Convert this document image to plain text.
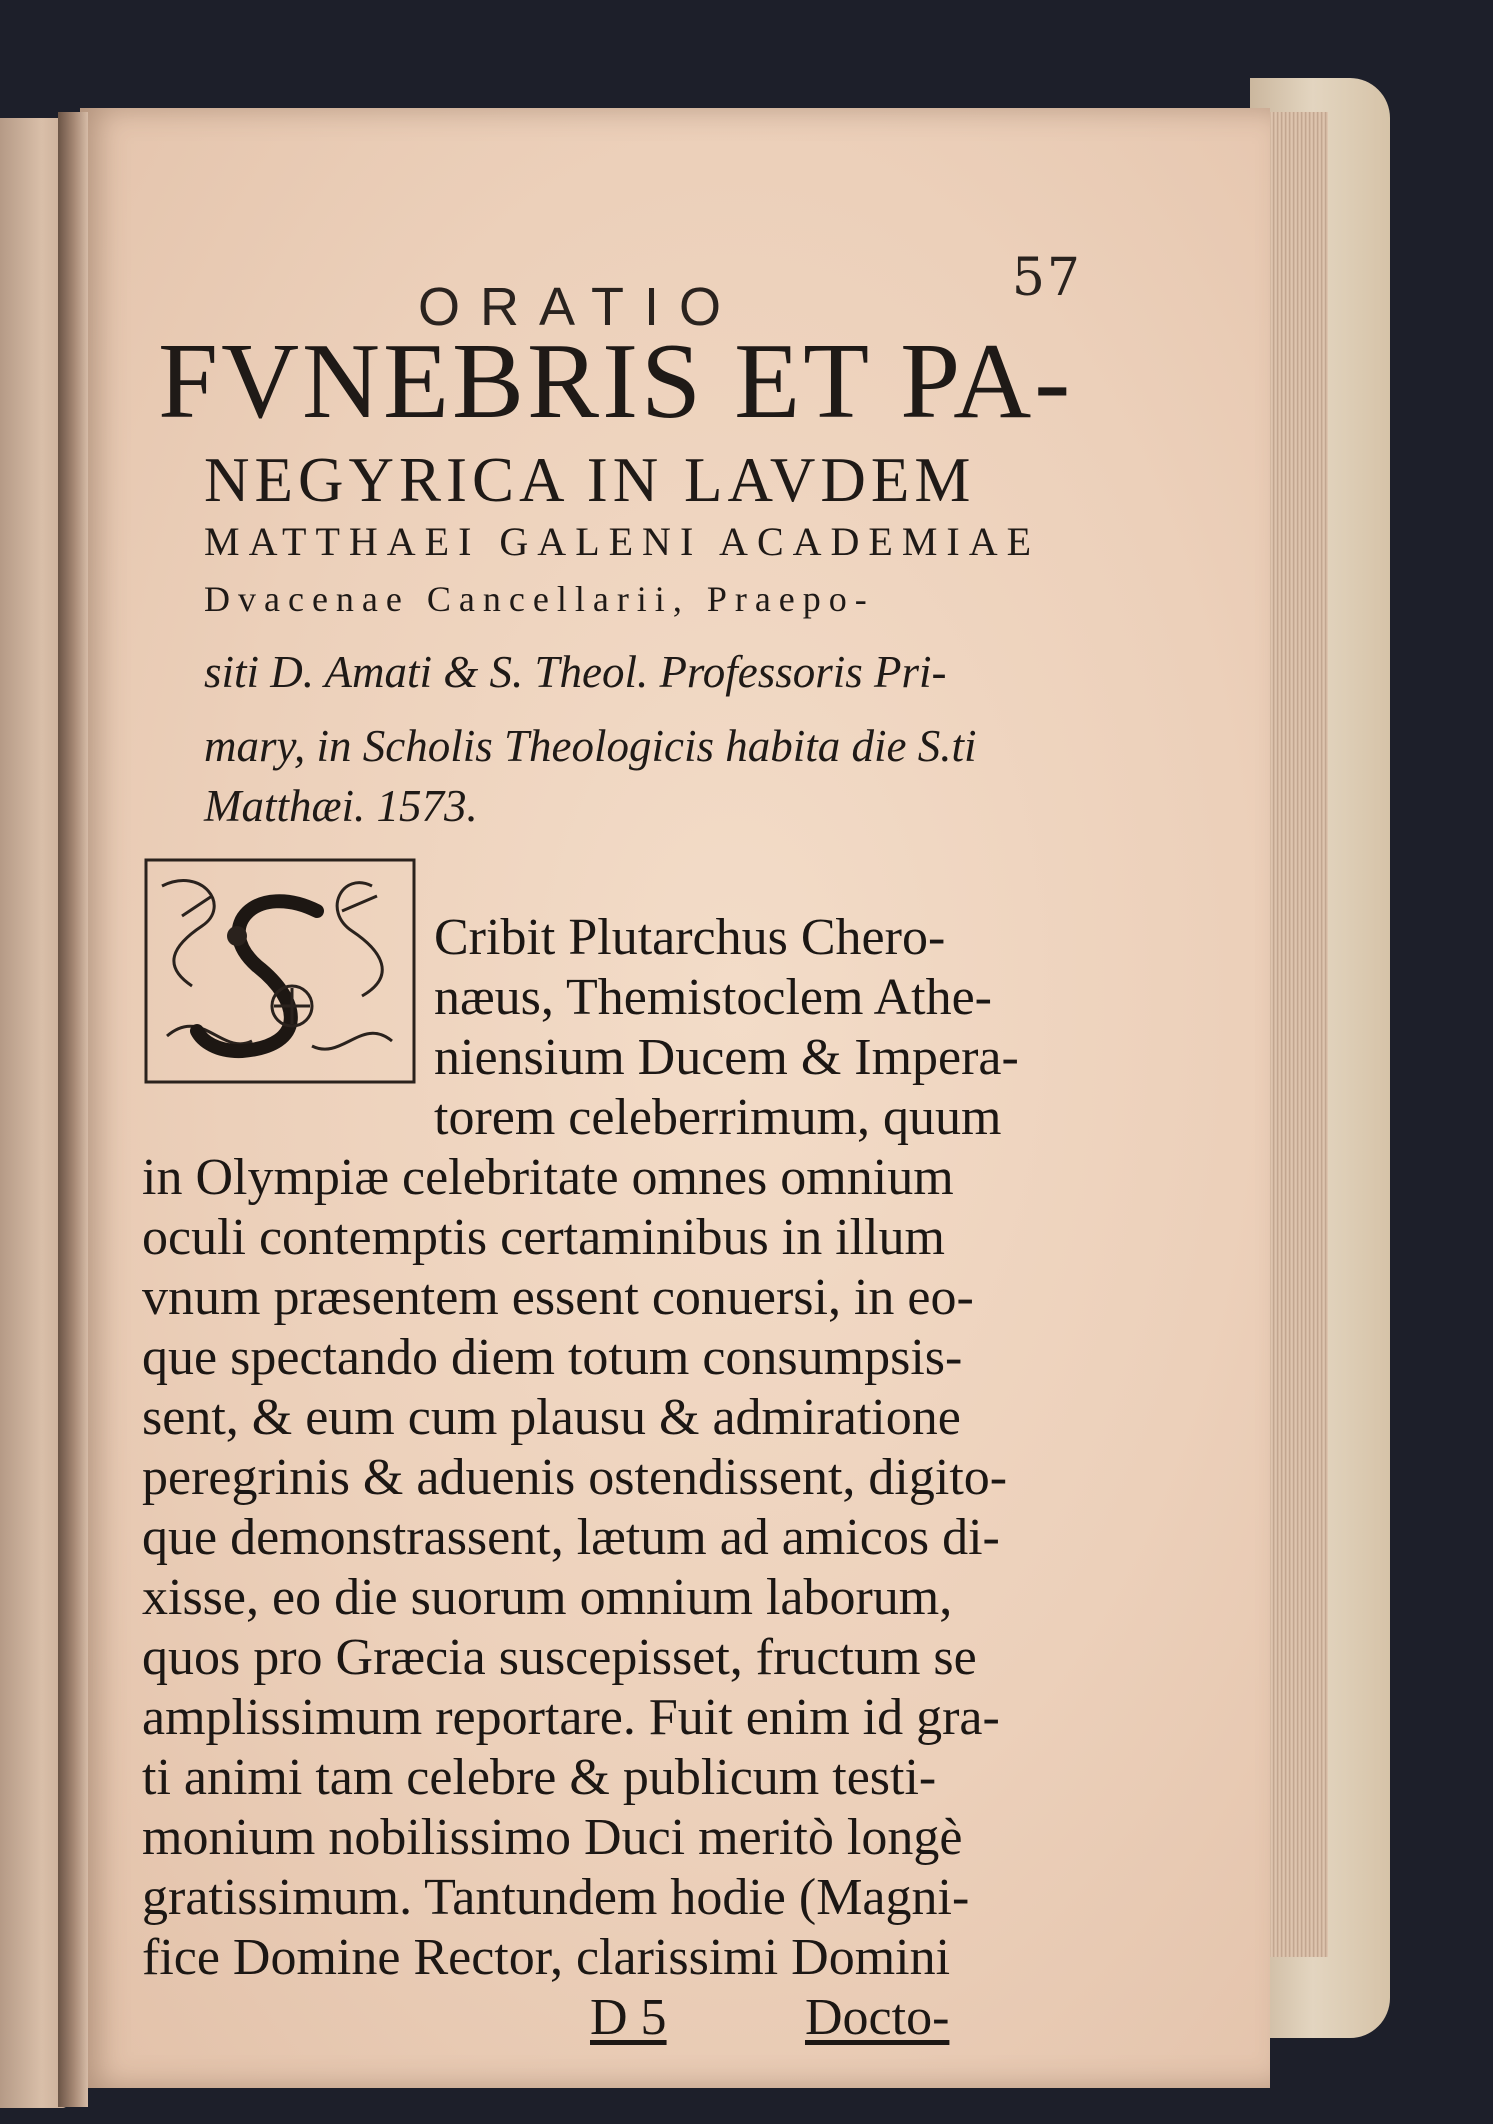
57
ORATIO
FVNEBRIS ET PA-
NEGYRICA IN LAVDEM
MATTHAEI GALENI ACADEMIAE
Dvacenae Cancellarii, Praepo-
siti D. Amati & S. Theol. Professoris Pri-
mary, in Scholis Theologicis habita die S.ti
Matthæi. 1573.
Cribit Plutarchus Chero-
næus, Themistoclem Athe-
niensium Ducem & Impera-
torem celeberrimum, quum
in Olympiæ celebritate omnes omnium
oculi contemptis certaminibus in illum
vnum præsentem essent conuersi, in eo-
que spectando diem totum consumpsis-
sent, & eum cum plausu & admiratione
peregrinis & aduenis ostendissent, digito-
que demonstrassent, lætum ad amicos di-
xisse, eo die suorum omnium laborum,
quos pro Græcia suscepisset, fructum se
amplissimum reportare. Fuit enim id gra-
ti animi tam celebre & publicum testi-
monium nobilissimo Duci meritò longè
gratissimum. Tantundem hodie (Magni-
fice Domine Rector, clarissimi Domini
D 5	Docto-
